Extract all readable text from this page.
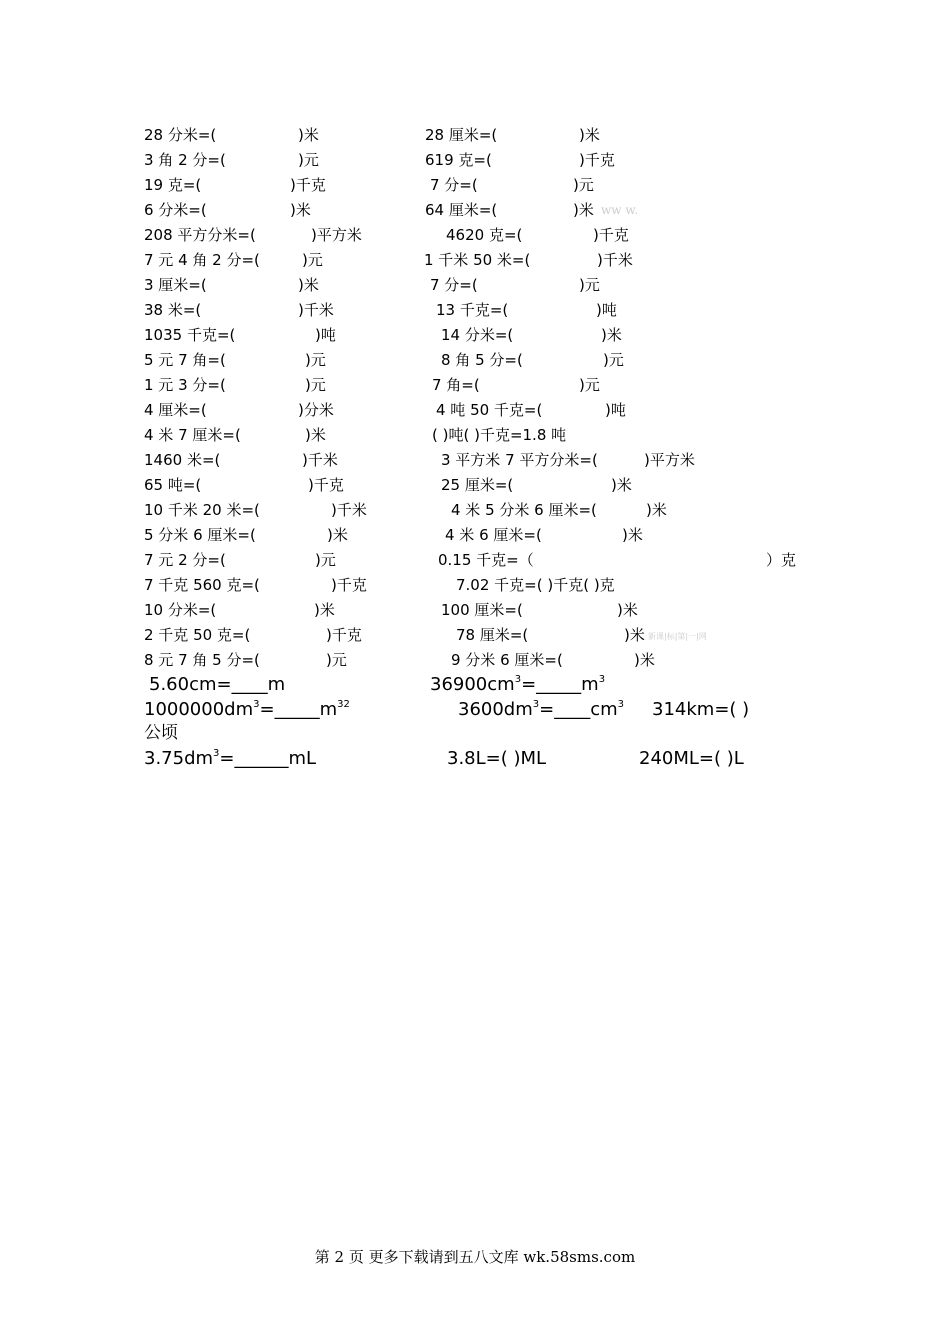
28 分米=(	)米	28 厘米=(	)米
3 角 2 分=(	)元	619 克=(	)千克
19 克=(	)千克	7 分=(	)元
6 分米=(	)米	64 厘米=(	)米 ww w.
208 平方分米=(	)平方米	4620 克=(	)千克
7 元 4 角 2 分=(	)元	1 千米 50 米=(	)千米
3 厘米=(	)米	7 分=(	)元
38 米=(	)千米	13 千克=(	)吨
1035 千克=(	)吨	14 分米=(	)米
5 元 7 角=(	)元	8 角 5 分=(	)元
1 元 3 分=(	)元	7 角=(	)元
4 厘米=(	)分米	4 吨 50 千克=(	)吨
4 米 7 厘米=(	)米	( )吨( )千克=1.8 吨
1460 米=(	)千米	3 平方米 7 平方分米=(	)平方米
65 吨=(	)千克	25 厘米=(	)米
10 千米 20 米=(	)千米	4 米 5 分米 6 厘米=(	)米
5 分米 6 厘米=(	)米	4 米 6 厘米=(	)米
7 元 2 分=(	)元	0.15 千克=（	）克
7 千克 560 克=(	)千克	7.02 千克=( )千克( )克
10 分米=(	)米	100 厘米=(	)米
2 千克 50 克=(	)千克	78 厘米=(	)米 新课|标|第|一|网
8 元 7 角 5 分=(	)元	9 分米 6 厘米=(	)米
5.60cm=____m	$36900cm^3=\_\_\_\_\_m^3$
$1000000dm^3=\_\_\_\_\_m^{32}$	$3600dm^3=\_\_\_\_cm^3$ 314km=( )
公顷
$3.75dm^3=\_\_\_\_\_\_mL$	3.8L=( )ML	240ML=( )L
第 2 页 更多下载请到五八文库 wk.58sms.com
